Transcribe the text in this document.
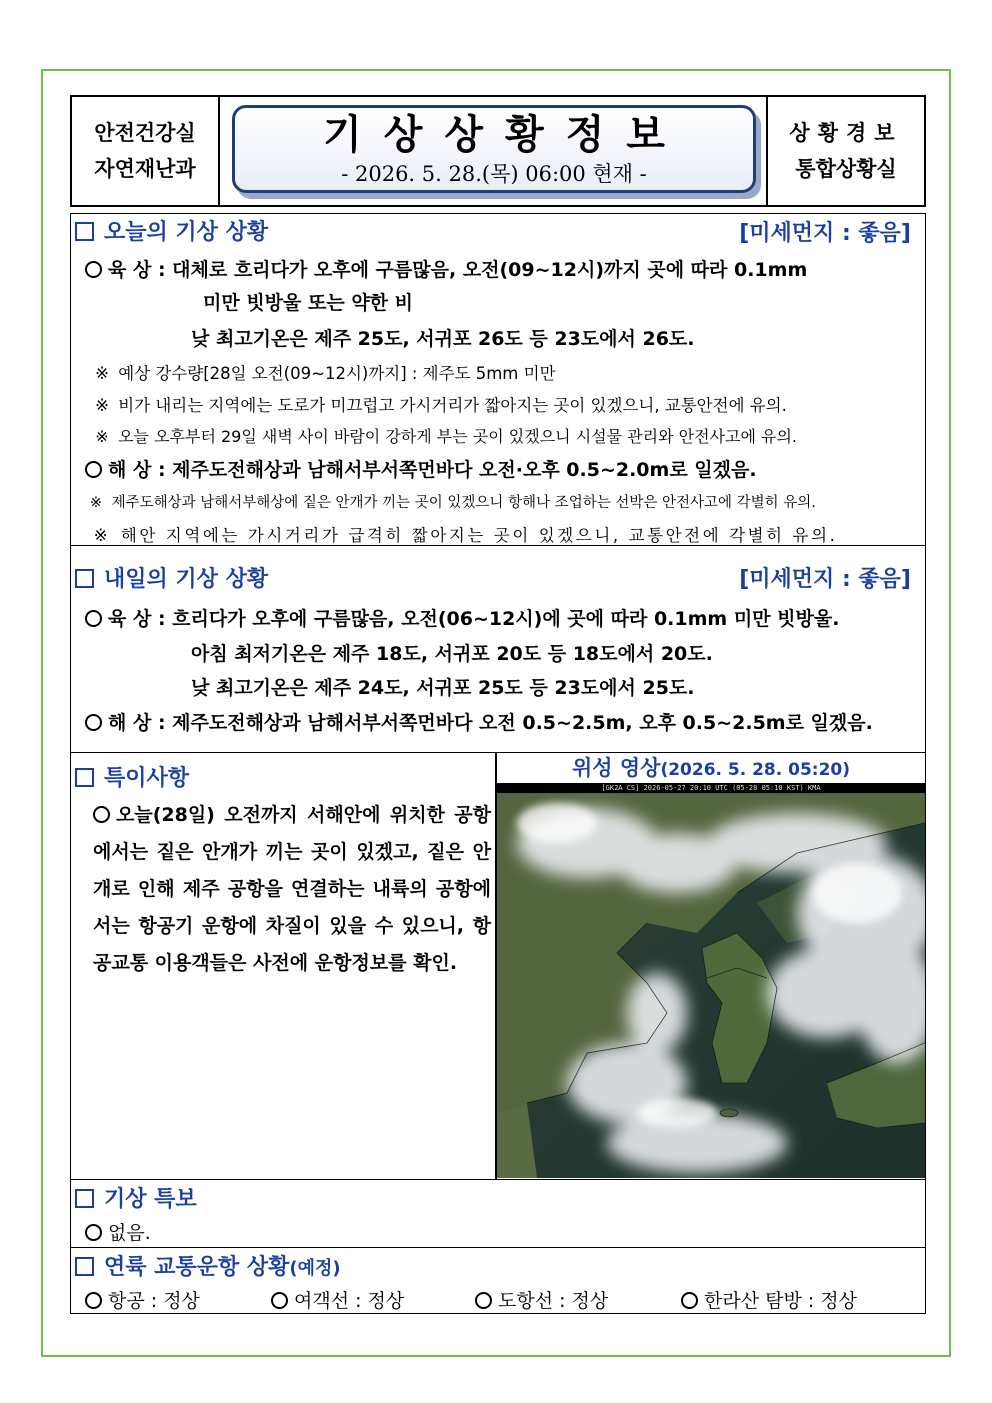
안전건강실
자연재난과
기상상황정보
- 2026. 5. 28.(목) 06:00 현재 -
상황경보
통합상황실
오늘의 기상 상황	[미세먼지 : 좋음]
육 상 : 대체로 흐리다가 오후에 구름많음, 오전(09~12시)까지 곳에 따라 0.1mm
미만 빗방울 또는 약한 비
낮 최고기온은 제주 25도, 서귀포 26도 등 23도에서 26도.
※ 예상 강수량[28일 오전(09~12시)까지] : 제주도 5mm 미만
※ 비가 내리는 지역에는 도로가 미끄럽고 가시거리가 짧아지는 곳이 있겠으니, 교통안전에 유의.
※ 오늘 오후부터 29일 새벽 사이 바람이 강하게 부는 곳이 있겠으니 시설물 관리와 안전사고에 유의.
해 상 : 제주도전해상과 남해서부서쪽먼바다 오전·오후 0.5~2.0m로 일겠음.
※ 제주도해상과 남해서부해상에 짙은 안개가 끼는 곳이 있겠으니 항해나 조업하는 선박은 안전사고에 각별히 유의.
※ 해안 지역에는 가시거리가 급격히 짧아지는 곳이 있겠으니, 교통안전에 각별히 유의.
내일의 기상 상황	[미세먼지 : 좋음]
육 상 : 흐리다가 오후에 구름많음, 오전(06~12시)에 곳에 따라 0.1mm 미만 빗방울.
아침 최저기온은 제주 18도, 서귀포 20도 등 18도에서 20도.
낮 최고기온은 제주 24도, 서귀포 25도 등 23도에서 25도.
해 상 : 제주도전해상과 남해서부서쪽먼바다 오전 0.5~2.5m, 오후 0.5~2.5m로 일겠음.
특이사항
오늘(28일) 오전까지 서해안에 위치한 공항에서는 짙은 안개가 끼는 곳이 있겠고, 짙은 안개로 인해 제주 공항을 연결하는 내륙의 공항에서는 항공기 운항에 차질이 있을 수 있으니, 항공교통 이용객들은 사전에 운항정보를 확인.
위성 영상(2026. 5. 28. 05:20)
[GK2A CS] 2026-05-27 20:10 UTC (05-28 05:10 KST) KMA
기상 특보
없음.
연륙 교통운항 상황(예정)
항공 : 정상	여객선 : 정상	도항선 : 정상	한라산 탐방 : 정상
